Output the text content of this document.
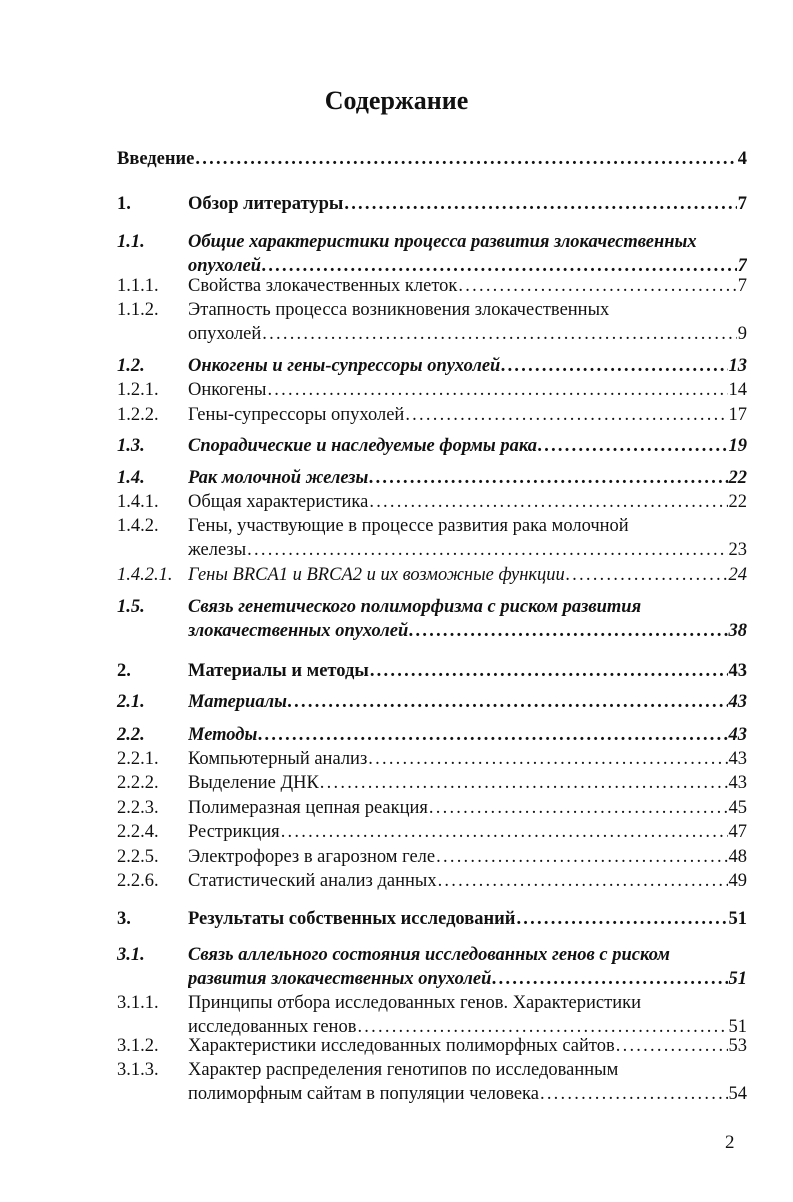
Содержание
Введение . . .	4
1.	Обзор литературы . . .	7
1.1.	Общие характеристики процесса развития злокачественных
опухолей . . .	7
1.1.1.	Свойства злокачественных клеток . . .	7
1.1.2.	Этапность процесса возникновения злокачественных
опухолей . . .	9
1.2.	Онкогены и гены-супрессоры опухолей . . .	13
1.2.1.	Онкогены . . .	14
1.2.2.	Гены-супрессоры опухолей . . .	17
1.3.	Спорадические и наследуемые формы рака . . .	19
1.4.	Рак молочной железы . . .	22
1.4.1.	Общая характеристика . . .	22
1.4.2.	Гены, участвующие в процессе развития рака молочной
железы . . .	23
1.4.2.1. Гены BRCA1 и BRCA2 и их возможные функции . . .	24
1.5.	Связь генетического полиморфизма с риском развития
злокачественных опухолей . . .	38
2.	Материалы и методы . . .	43
2.1.	Материалы . . .	43
2.2.	Методы . . .	43
2.2.1.	Компьютерный анализ . . .	43
2.2.2.	Выделение ДНК . . .	43
2.2.3.	Полимеразная цепная реакция . . .	45
2.2.4.	Рестрикция . . .	47
2.2.5.	Электрофорез в агарозном геле . . .	48
2.2.6.	Статистический анализ данных . . .	49
3.	Результаты собственных исследований . . .	51
3.1.	Связь аллельного состояния исследованных генов с риском
развития злокачественных опухолей . . .	51
3.1.1.	Принципы отбора исследованных генов. Характеристики
исследованных генов . . .	51
3.1.2.	Характеристики исследованных полиморфных сайтов . . .	53
3.1.3.	Характер распределения генотипов по исследованным
полиморфным сайтам в популяции человека . . .	54
2
